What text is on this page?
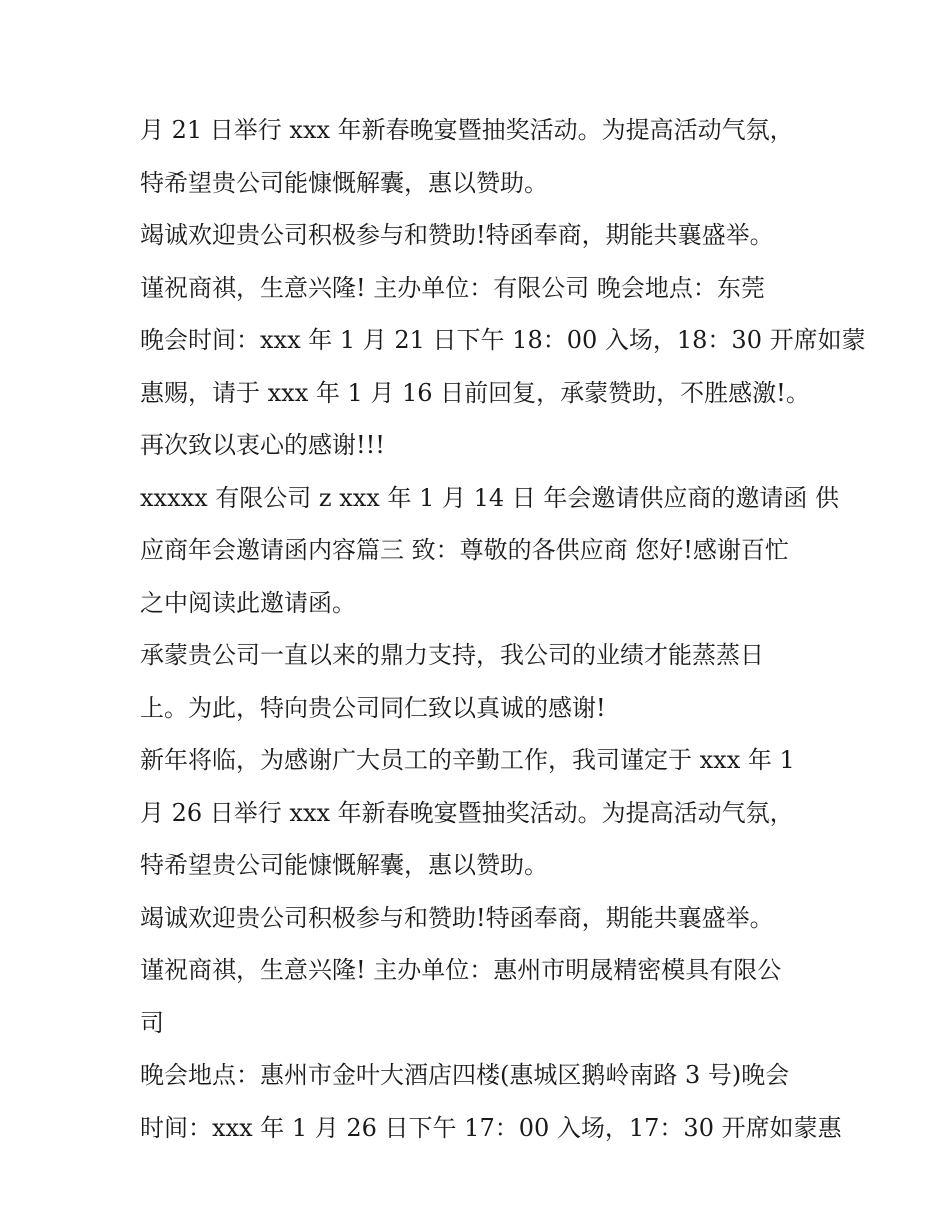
月 21 日举行 xxx 年新春晚宴暨抽奖活动。为提高活动气氛，
特希望贵公司能慷慨解囊，惠以赞助。
竭诚欢迎贵公司积极参与和赞助!特函奉商，期能共襄盛举。
谨祝商祺，生意兴隆! 主办单位：有限公司 晚会地点：东莞
晚会时间：xxx 年 1 月 21 日下午 18：00 入场，18：30 开席如蒙
惠赐，请于 xxx 年 1 月 16 日前回复，承蒙赞助，不胜感激!。
再次致以衷心的感谢!!!
xxxxx 有限公司 z xxx 年 1 月 14 日 年会邀请供应商的邀请函 供
应商年会邀请函内容篇三 致：尊敬的各供应商 您好!感谢百忙
之中阅读此邀请函。
承蒙贵公司一直以来的鼎力支持，我公司的业绩才能蒸蒸日
上。为此，特向贵公司同仁致以真诚的感谢!
新年将临，为感谢广大员工的辛勤工作，我司谨定于 xxx 年 1
月 26 日举行 xxx 年新春晚宴暨抽奖活动。为提高活动气氛，
特希望贵公司能慷慨解囊，惠以赞助。
竭诚欢迎贵公司积极参与和赞助!特函奉商，期能共襄盛举。
谨祝商祺，生意兴隆! 主办单位：惠州市明晟精密模具有限公
司
晚会地点：惠州市金叶大酒店四楼(惠城区鹅岭南路 3 号)晚会
时间：xxx 年 1 月 26 日下午 17：00 入场，17：30 开席如蒙惠
